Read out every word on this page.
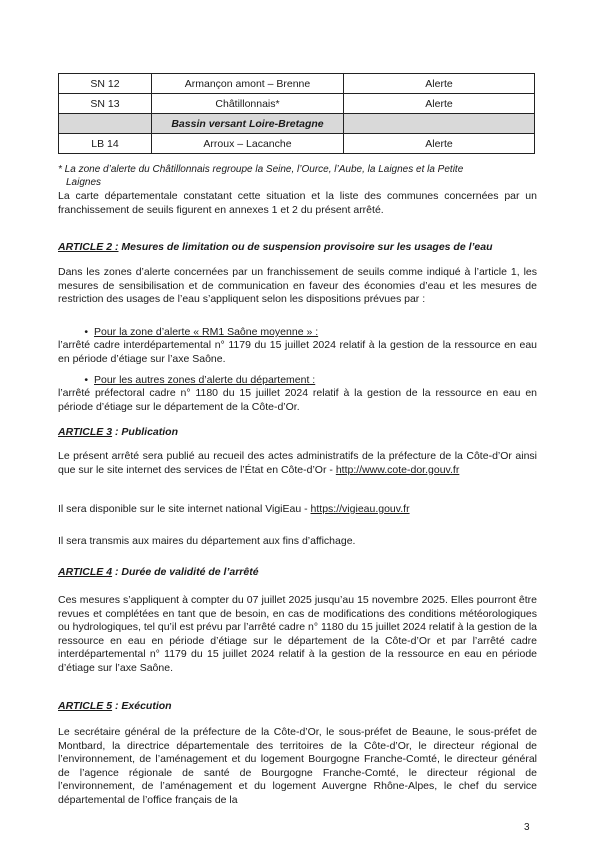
SN 12	Armançon amont – Brenne	Alerte
SN 13	Châtillonnais*	Alerte
	Bassin versant Loire-Bretagne	
LB 14	Arroux – Lacanche	Alerte
* La zone d’alerte du Châtillonnais regroupe la Seine, l’Ource, l’Aube, la Laignes et la Petite
Laignes

La carte départementale constatant cette situation et la liste des communes concernées par un franchissement de seuils figurent en annexes 1 et 2 du présent arrêté.

ARTICLE 2 : Mesures de limitation ou de suspension provisoire sur les usages de l’eau

Dans les zones d’alerte concernées par un franchissement de seuils comme indiqué à l’article 1, les mesures de sensibilisation et de communication en faveur des économies d’eau et les mesures de restriction des usages de l’eau s’appliquent selon les dispositions prévues par :

• Pour la zone d’alerte « RM1 Saône moyenne » :

l’arrêté cadre interdépartemental n° 1179 du 15 juillet 2024 relatif à la gestion de la ressource en eau en période d’étiage sur l’axe Saône.

• Pour les autres zones d’alerte du département :

l’arrêté préfectoral cadre n° 1180 du 15 juillet 2024 relatif à la gestion de la ressource en eau en période d’étiage sur le département de la Côte-d’Or.

ARTICLE 3 : Publication

Le présent arrêté sera publié au recueil des actes administratifs de la préfecture de la Côte-d’Or ainsi que sur le site internet des services de l’État en Côte-d’Or - http://www.cote-dor.gouv.fr

Il sera disponible sur le site internet national VigiEau - https://vigieau.gouv.fr

Il sera transmis aux maires du département aux fins d’affichage.

ARTICLE 4 : Durée de validité de l’arrêté

Ces mesures s’appliquent à compter du 07 juillet 2025 jusqu’au 15 novembre 2025. Elles pourront être revues et complétées en tant que de besoin, en cas de modifications des conditions météorologiques ou hydrologiques, tel qu’il est prévu par l’arrêté cadre n° 1180 du 15 juillet 2024 relatif à la gestion de la ressource en eau en période d’étiage sur le département de la Côte-d’Or et par l’arrêté cadre interdépartemental n° 1179 du 15 juillet 2024 relatif à la gestion de la ressource en eau en période d’étiage sur l’axe Saône.

ARTICLE 5 : Exécution

Le secrétaire général de la préfecture de la Côte-d’Or, le sous-préfet de Beaune, le sous-préfet de Montbard, la directrice départementale des territoires de la Côte-d’Or, le directeur régional de l’environnement, de l’aménagement et du logement Bourgogne Franche-Comté, le directeur général de l’agence régionale de santé de Bourgogne Franche-Comté, le directeur régional de l’environnement, de l’aménagement et du logement Auvergne Rhône-Alpes, le chef du service départemental de l’office français de la

3
